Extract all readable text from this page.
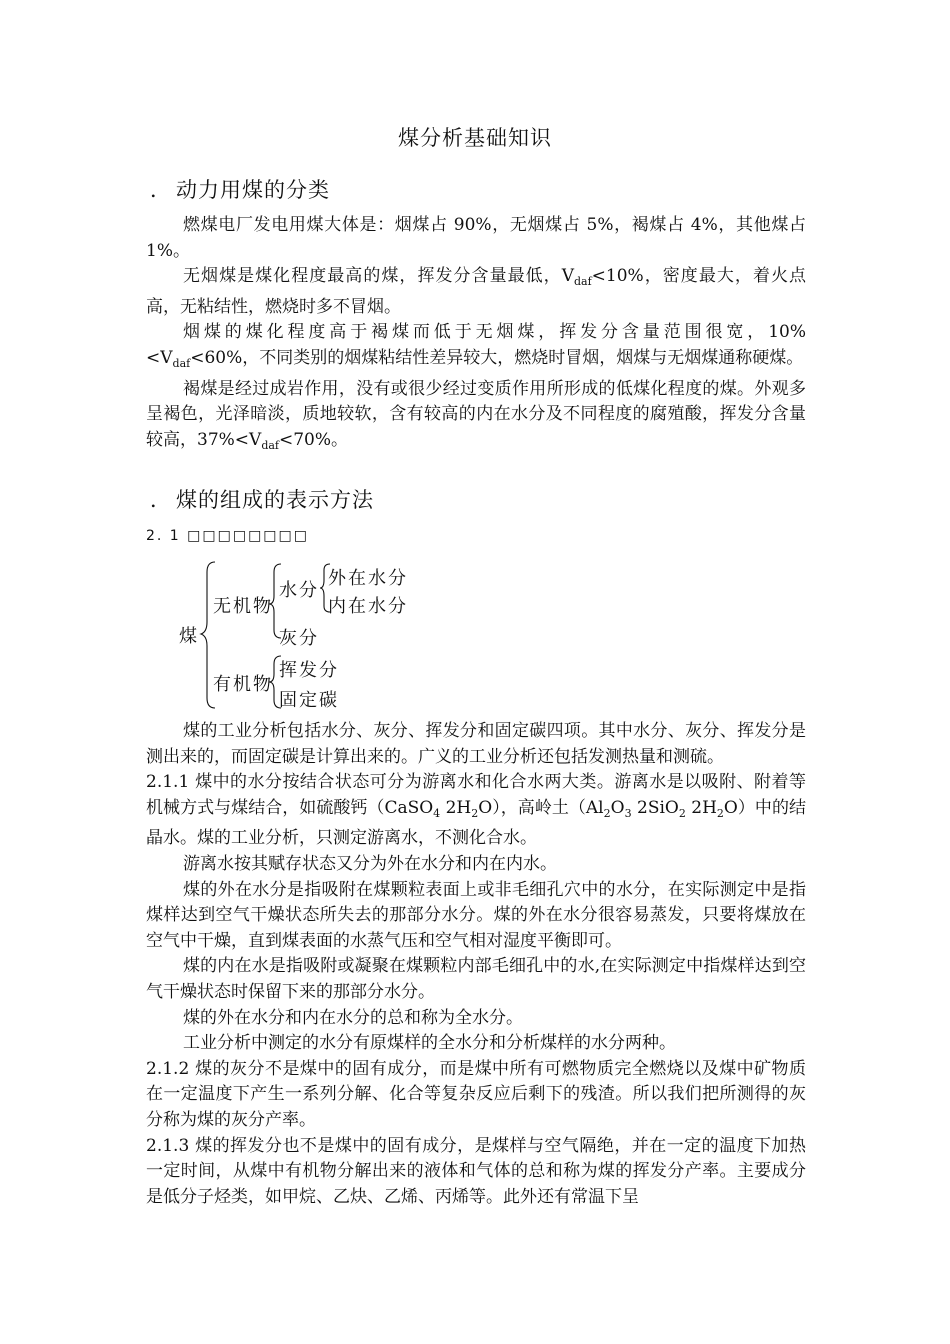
煤分析基础知识
． 动力用煤的分类

燃煤电厂发电用煤大体是：烟煤占 90%，无烟煤占 5%，褐煤占 4%，其他煤占 1%。

无烟煤是煤化程度最高的煤，挥发分含量最低，$V_{daf}<10\%$，密度最大，着火点高，无粘结性，燃烧时多不冒烟。

烟煤的煤化程度高于褐煤而低于无烟煤，挥发分含量范围很宽，$10\%<V_{daf}<60\%$，不同类别的烟煤粘结性差异较大，燃烧时冒烟，烟煤与无烟煤通称硬煤。

褐煤是经过成岩作用，没有或很少经过变质作用所形成的低煤化程度的煤。外观多呈褐色，光泽暗淡，质地较软，含有较高的内在水分及不同程度的腐殖酸，挥发分含量较高，$37\%<V_{daf}<70\%$。

． 煤的组成的表示方法
2. 1 □□□□□□□□
煤
无机物
水分
外在水分
内在水分
灰分
有机物
挥发分
固定碳

煤的工业分析包括水分、灰分、挥发分和固定碳四项。其中水分、灰分、挥发分是测出来的，而固定碳是计算出来的。广义的工业分析还包括发测热量和测硫。

2.1.1 煤中的水分按结合状态可分为游离水和化合水两大类。游离水是以吸附、附着等机械方式与煤结合，如硫酸钙（CaSO$_4$ $2H_2O$），高岭土（$Al_2O_3$ 2SiO$_2$ $2H_2O$）中的结晶水。煤的工业分析，只测定游离水，不测化合水。

游离水按其赋存状态又分为外在水分和内在内水。

煤的外在水分是指吸附在煤颗粒表面上或非毛细孔穴中的水分，在实际测定中是指煤样达到空气干燥状态所失去的那部分水分。煤的外在水分很容易蒸发，只要将煤放在空气中干燥，直到煤表面的水蒸气压和空气相对湿度平衡即可。

煤的内在水是指吸附或凝聚在煤颗粒内部毛细孔中的水,在实际测定中指煤样达到空气干燥状态时保留下来的那部分水分。

煤的外在水分和内在水分的总和称为全水分。

工业分析中测定的水分有原煤样的全水分和分析煤样的水分两种。

2.1.2 煤的灰分不是煤中的固有成分，而是煤中所有可燃物质完全燃烧以及煤中矿物质在一定温度下产生一系列分解、化合等复杂反应后剩下的残渣。所以我们把所测得的灰分称为煤的灰分产率。

2.1.3 煤的挥发分也不是煤中的固有成分，是煤样与空气隔绝，并在一定的温度下加热一定时间，从煤中有机物分解出来的液体和气体的总和称为煤的挥发分产率。主要成分是低分子烃类，如甲烷、乙炔、乙烯、丙烯等。此外还有常温下呈
